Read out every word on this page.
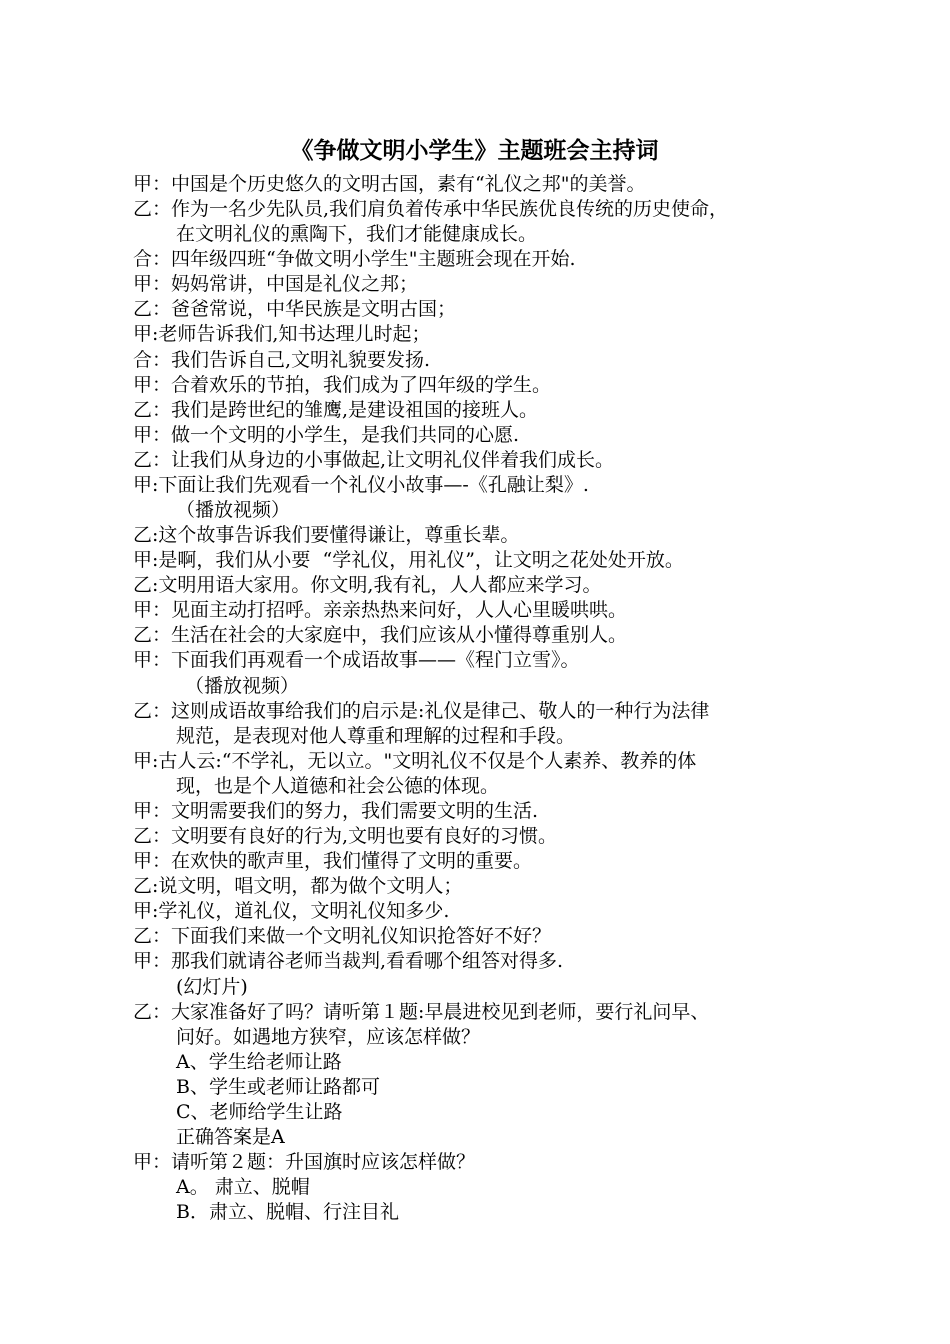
《争做文明小学生》主题班会主持词
甲：中国是个历史悠久的文明古国，素有“礼仪之邦"的美誉。
乙：作为一名少先队员,我们肩负着传承中华民族优良传统的历史使命，
在文明礼仪的熏陶下，我们才能健康成长。
合：四年级四班“争做文明小学生"主题班会现在开始.
甲：妈妈常讲，中国是礼仪之邦；
乙：爸爸常说，中华民族是文明古国；
甲:老师告诉我们,知书达理儿时起；
合：我们告诉自己,文明礼貌要发扬.
甲：合着欢乐的节拍，我们成为了四年级的学生。
乙：我们是跨世纪的雏鹰,是建设祖国的接班人。
甲：做一个文明的小学生，是我们共同的心愿.
乙：让我们从身边的小事做起,让文明礼仪伴着我们成长。
甲:下面让我们先观看一个礼仪小故事—-《孔融让梨》.
（播放视频）
乙:这个故事告诉我们要懂得谦让，尊重长辈。
甲:是啊，我们从小要  “学礼仪，用礼仪”，让文明之花处处开放。
乙:文明用语大家用。你文明,我有礼，人人都应来学习。
甲：见面主动打招呼。亲亲热热来问好，人人心里暖哄哄。
乙：生活在社会的大家庭中，我们应该从小懂得尊重别人。
甲：下面我们再观看一个成语故事——《程门立雪》。
（播放视频）
乙：这则成语故事给我们的启示是:礼仪是律己、敬人的一种行为法律
规范，是表现对他人尊重和理解的过程和手段。
甲:古人云:“不学礼，无以立。"文明礼仪不仅是个人素养、教养的体
现，也是个人道德和社会公德的体现。
甲：文明需要我们的努力，我们需要文明的生活.
乙：文明要有良好的行为,文明也要有良好的习惯。
甲：在欢快的歌声里，我们懂得了文明的重要。
乙:说文明，唱文明，都为做个文明人；
甲:学礼仪，道礼仪，文明礼仪知多少.
乙：下面我们来做一个文明礼仪知识抢答好不好？
甲：那我们就请谷老师当裁判,看看哪个组答对得多.
(幻灯片)
乙：大家准备好了吗？请听第１题:早晨进校见到老师，要行礼问早、
问好。如遇地方狭窄，应该怎样做？
A、学生给老师让路
B、学生或老师让路都可
C、老师给学生让路
正确答案是A
甲：请听第２题：升国旗时应该怎样做？
A。 肃立、脱帽
B．肃立、脱帽、行注目礼
